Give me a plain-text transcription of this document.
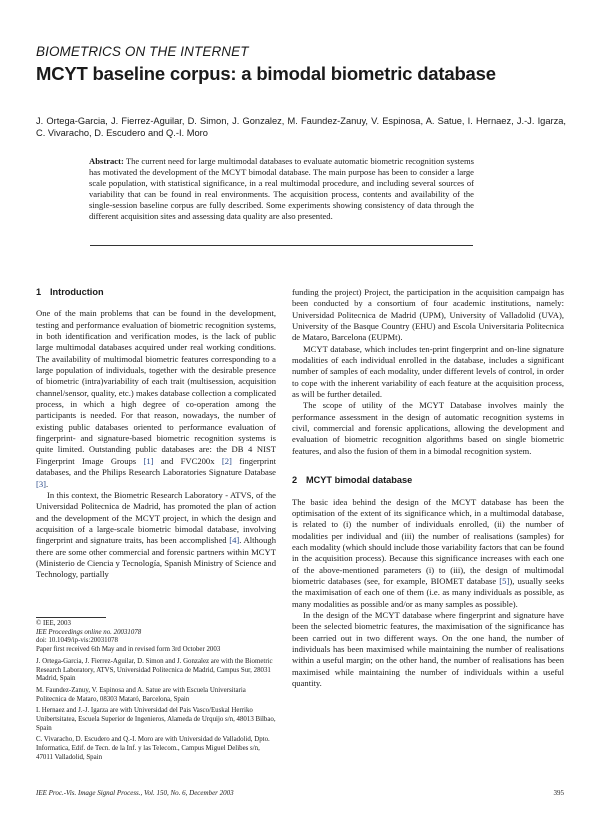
BIOMETRICS ON THE INTERNET
MCYT baseline corpus: a bimodal biometric database
J. Ortega-Garcia, J. Fierrez-Aguilar, D. Simon, J. Gonzalez, M. Faundez-Zanuy, V. Espinosa, A. Satue, I. Hernaez, J.-J. Igarza, C. Vivaracho, D. Escudero and Q.-I. Moro
Abstract: The current need for large multimodal databases to evaluate automatic biometric recognition systems has motivated the development of the MCYT bimodal database. The main purpose has been to consider a large scale population, with statistical significance, in a real multimodal procedure, and including several sources of variability that can be found in real environments. The acquisition process, contents and availability of the single-session baseline corpus are fully described. Some experiments showing consistency of data through the different acquisition sites and assessing data quality are also presented.
1 Introduction

One of the main problems that can be found in the development, testing and performance evaluation of biometric recognition systems, in both identification and verification modes, is the lack of public large multimodal databases acquired under real working conditions. The availability of multimodal biometric features corresponding to a large population of individuals, together with the desirable presence of biometric (intra)variability of each trait (multisession, acquisition channel/sensor, quality, etc.) makes database collection a complicated process, in which a high degree of co-operation among the participants is needed. For that reason, nowadays, the number of existing public databases oriented to performance evaluation of fingerprint- and signature-based biometric recognition systems is quite limited. Outstanding public databases are: the DB 4 NIST Fingerprint Image Groups [1] and FVC200x [2] fingerprint databases, and the Philips Research Laboratories Signature Database [3].

In this context, the Biometric Research Laboratory - ATVS, of the Universidad Politecnica de Madrid, has promoted the plan of action and the development of the MCYT project, in which the design and acquisition of a large-scale biometric bimodal database, involving fingerprint and signature traits, has been accomplished [4]. Although there are some other commercial and forensic partners within MCYT (Ministerio de Ciencia y Tecnología, Spanish Ministry of Science and Technology, partially

© IEE, 2003

IEE Proceedings online no. 20031078

doi: 10.1049/ip-vis:20031078

Paper first received 6th May and in revised form 3rd October 2003

J. Ortega-Garcia, J. Fierrez-Aguilar, D. Simon and J. Gonzalez are with the Biometric Research Laboratory, ATVS, Universidad Politecnica de Madrid, Campus Sur, 28031 Madrid, Spain

M. Faundez-Zanuy, V. Espinosa and A. Satue are with Escuela Universitaria Politecnica de Mataro, 08303 Mataró, Barcelona, Spain

I. Hernaez and J.-J. Igarza are with Universidad del Pais Vasco/Euskal Herriko Unibertsitatea, Escuela Superior de Ingenieros, Alameda de Urquijo s/n, 48013 Bilbao, Spain

C. Vivaracho, D. Escudero and Q.-I. Moro are with Universidad de Valladolid, Dpto. Informatica, Edif. de Tecn. de la Inf. y las Telecom., Campus Miguel Delibes s/n, 47011 Valladolid, Spain

funding the project) Project, the participation in the acquisition campaign has been conducted by a consortium of four academic institutions, namely: Universidad Politecnica de Madrid (UPM), University of Valladolid (UVA), University of the Basque Country (EHU) and Escola Universitaria Politecnica de Mataro, Barcelona (EUPMt).

MCYT database, which includes ten-print fingerprint and on-line signature modalities of each individual enrolled in the database, includes a significant number of samples of each modality, under different levels of control, in order to cope with the inherent variability of each feature at the acquisition process, as will be further detailed.

The scope of utility of the MCYT Database involves mainly the performance assessment in the design of automatic recognition systems in civil, commercial and forensic applications, allowing the development and evaluation of biometric recognition algorithms based on single biometric features, and also the fusion of them in a bimodal recognition system.

2 MCYT bimodal database

The basic idea behind the design of the MCYT database has been the optimisation of the extent of its significance which, in a multimodal database, is related to (i) the number of individuals enrolled, (ii) the number of modalities per individual and (iii) the number of realisations (samples) for each modality (which should include those variability factors that can be found in the acquisition process). Because this significance increases with each one of the above-mentioned parameters (i) to (iii), the design of multimodal biometric databases (see, for example, BIOMET database [5]), usually seeks the maximisation of each one of them (i.e. as many individuals as possible, as many modalities as possible and/or as many samples as possible).

In the design of the MCYT database where fingerprint and signature have been the selected biometric features, the maximisation of the significance has been carried out in two different ways. On the one hand, the number of individuals has been maximised while maintaining the number of realisations within a useful margin; on the other hand, the number of realisations has been maximised while maintaining the number of individuals within a useful quantity.

IEE Proc.-Vis. Image Signal Process., Vol. 150, No. 6, December 2003	395
